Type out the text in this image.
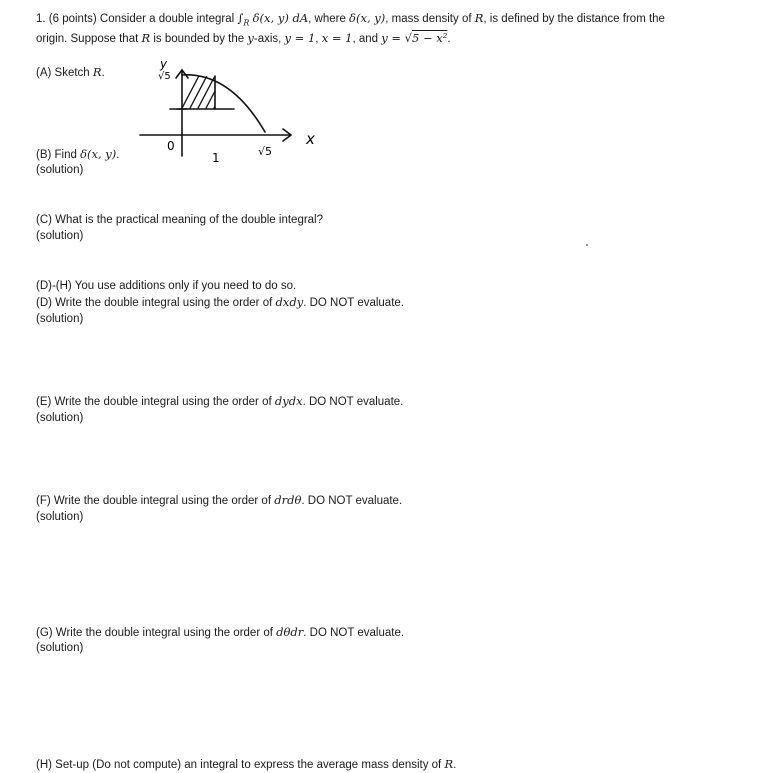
1. (6 points) Consider a double integral $\int_R$ δ(x, y) dA, where δ(x, y), mass density of R, is defined by the distance from the
origin. Suppose that R is bounded by the y-axis, y = 1, x = 1, and y = √5 − x².
(A) Sketch R.
y
√5
x
0
1	√5
(B) Find δ(x, y).
(solution)
(C) What is the practical meaning of the double integral?
(solution)
(D)-(H) You use additions only if you need to do so.
(D) Write the double integral using the order of dxdy. DO NOT evaluate.
(solution)
(E) Write the double integral using the order of dydx. DO NOT evaluate.
(solution)
(F) Write the double integral using the order of drdθ. DO NOT evaluate.
(solution)
(G) Write the double integral using the order of dθdr. DO NOT evaluate.
(solution)
(H) Set-up (Do not compute) an integral to express the average mass density of R.
